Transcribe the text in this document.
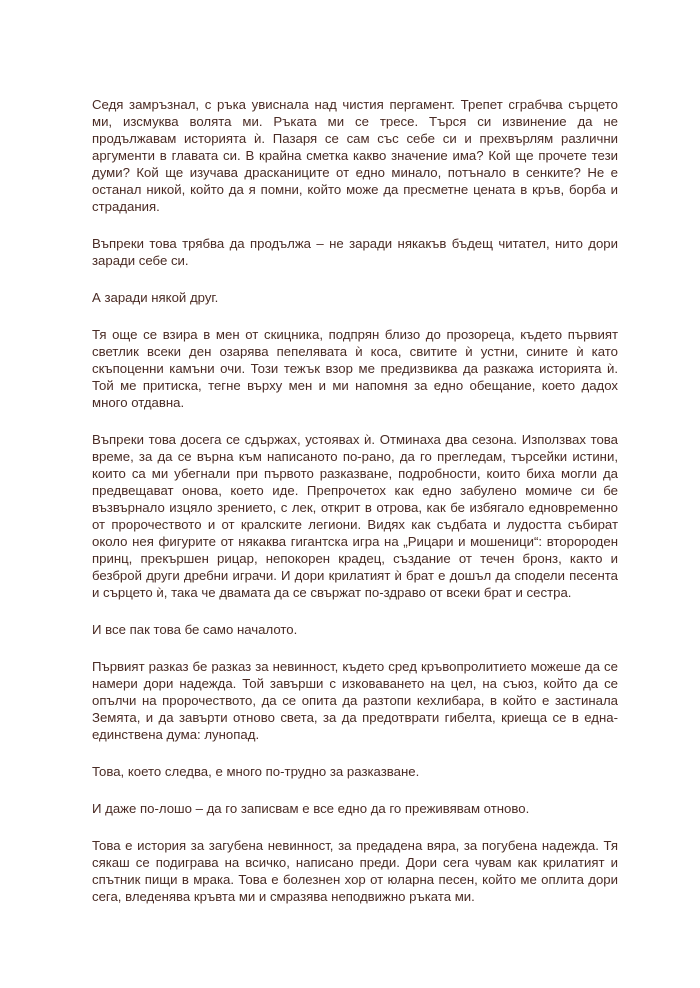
Седя замръзнал, с ръка увиснала над чистия пергамент. Трепет сграбчва сърцето ми, изсмуква волята ми. Ръката ми се тресе. Търся си извинение да не продължавам историята ѝ. Пазаря се сам със себе си и прехвърлям различни аргументи в главата си. В крайна сметка какво значение има? Кой ще прочете тези думи? Кой ще изучава драсканиците от едно минало, потънало в сенките? Не е останал никой, който да я помни, който може да пресметне цената в кръв, борба и страдания.

Въпреки това трябва да продължа – не заради някакъв бъдещ читател, нито дори заради себе си.

А заради някой друг.

Тя още се взира в мен от скицника, подпрян близо до прозореца, където първият светлик всеки ден озарява пепелявата ѝ коса, свитите ѝ устни, сините ѝ като скъпоценни камъни очи. Този тежък взор ме предизвиква да разкажа историята ѝ. Той ме притиска, тегне върху мен и ми напомня за едно обещание, което дадох много отдавна.

Въпреки това досега се сдържах, устоявах ѝ. Отминаха два сезона. Използвах това време, за да се върна към написаното по-рано, да го прегледам, търсейки истини, които са ми убегнали при първото разказване, подробности, които биха могли да предвещават онова, което иде. Препрочетох как едно забулено момиче си бе възвърнало изцяло зрението, с лек, открит в отрова, как бе избягало едновременно от пророчеството и от кралските легиони. Видях как съдбата и лудостта събират около нея фигурите от някаква гигантска игра на „Рицари и мошеници“: второроден принц, прекършен рицар, непокорен крадец, създание от течен бронз, както и безброй други дребни играчи. И дори крилатият ѝ брат е дошъл да сподели песента и сърцето ѝ, така че двамата да се свържат по-здраво от всеки брат и сестра.

И все пак това бе само началото.

Първият разказ бе разказ за невинност, където сред кръвопролитието можеше да се намери дори надежда. Той завърши с изковаването на цел, на съюз, който да се опълчи на пророчеството, да се опита да разтопи кехлибара, в който е застинала Земята, и да завърти отново света, за да предотврати гибелта, криеща се в една-единствена дума: лунопад.

Това, което следва, е много по-трудно за разказване.

И даже по-лошо – да го записвам е все едно да го преживявам отново.

Това е история за загубена невинност, за предадена вяра, за погубена надежда. Тя сякаш се подиграва на всичко, написано преди. Дори сега чувам как крилатият и спътник пищи в мрака. Това е болезнен хор от юларна песен, който ме оплита дори сега, вледенява кръвта ми и смразява неподвижно ръката ми.
